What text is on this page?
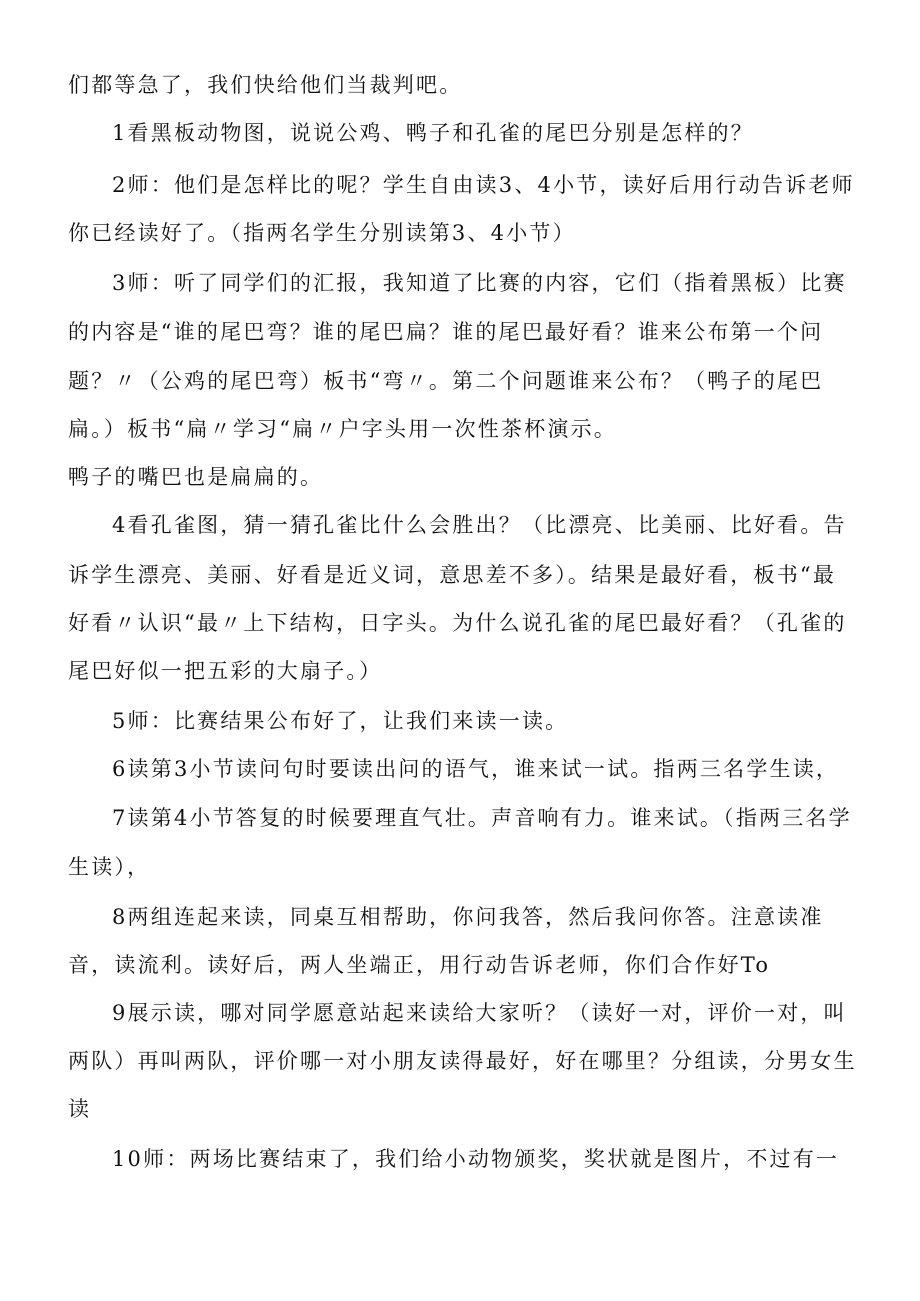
们都等急了，我们快给他们当裁判吧。
1看黑板动物图，说说公鸡、鸭子和孔雀的尾巴分别是怎样的？
2师：他们是怎样比的呢？学生自由读3、4小节，读好后用行动告诉老师
你已经读好了。（指两名学生分别读第3、4小节）
3师：听了同学们的汇报，我知道了比赛的内容，它们（指着黑板）比赛
的内容是“谁的尾巴弯？谁的尾巴扁？谁的尾巴最好看？谁来公布第一个问
题？〃（公鸡的尾巴弯）板书“弯〃。第二个问题谁来公布？（鸭子的尾巴
扁。）板书“扁〃学习“扁〃户字头用一次性茶杯演示。
鸭子的嘴巴也是扁扁的。
4看孔雀图，猜一猜孔雀比什么会胜出？（比漂亮、比美丽、比好看。告
诉学生漂亮、美丽、好看是近义词，意思差不多）。结果是最好看，板书“最
好看〃认识“最〃上下结构，日字头。为什么说孔雀的尾巴最好看？（孔雀的
尾巴好似一把五彩的大扇子。）
5师：比赛结果公布好了，让我们来读一读。
6读第3小节读问句时要读出问的语气，谁来试一试。指两三名学生读，
7读第4小节答复的时候要理直气壮。声音响有力。谁来试。（指两三名学
生读），
8两组连起来读，同桌互相帮助，你问我答，然后我问你答。注意读准
音，读流利。读好后，两人坐端正，用行动告诉老师，你们合作好To
9展示读，哪对同学愿意站起来读给大家听？（读好一对，评价一对，叫
两队）再叫两队，评价哪一对小朋友读得最好，好在哪里？分组读，分男女生
读
10师：两场比赛结束了，我们给小动物颁奖，奖状就是图片，不过有一
